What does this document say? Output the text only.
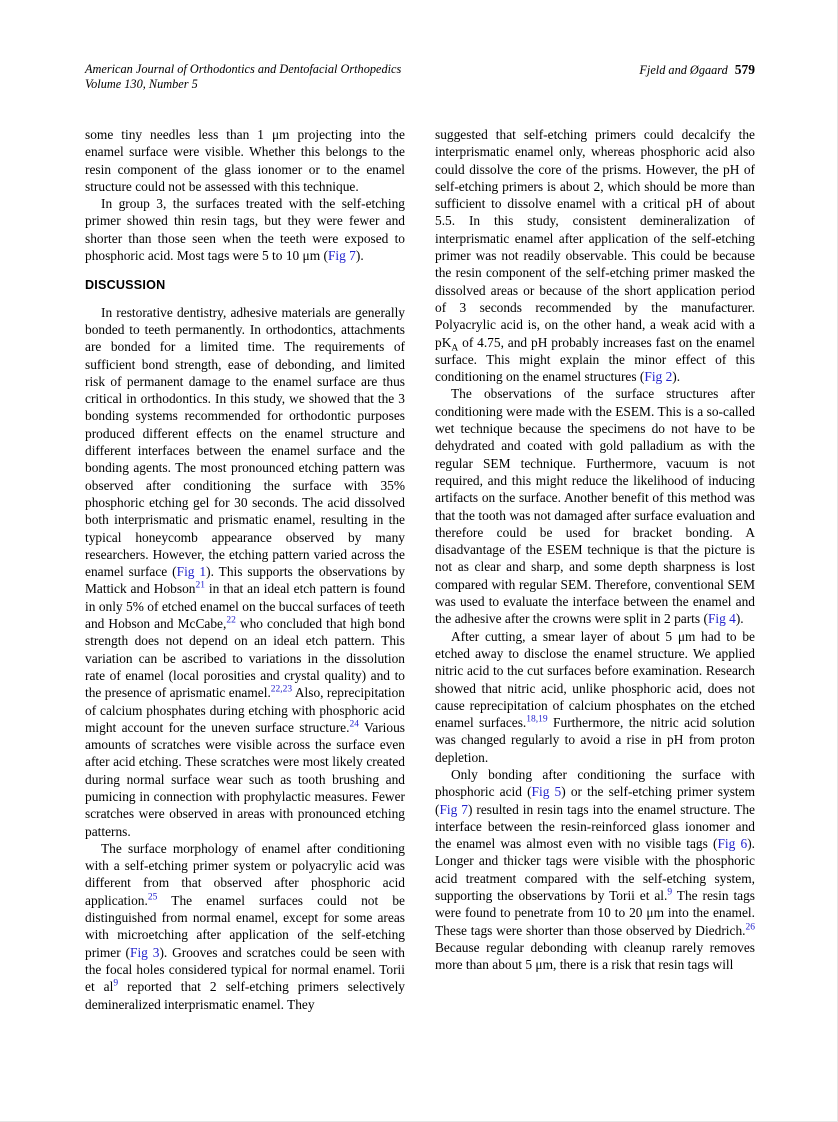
American Journal of Orthodontics and Dentofacial Orthopedics
Volume 130, Number 5
Fjeld and Øgaard 579

some tiny needles less than 1 μm projecting into the enamel surface were visible. Whether this belongs to the resin component of the glass ionomer or to the enamel structure could not be assessed with this technique.

In group 3, the surfaces treated with the self-etching primer showed thin resin tags, but they were fewer and shorter than those seen when the teeth were exposed to phosphoric acid. Most tags were 5 to 10 μm (Fig 7).

DISCUSSION

In restorative dentistry, adhesive materials are generally bonded to teeth permanently. In orthodontics, attachments are bonded for a limited time. The requirements of sufficient bond strength, ease of debonding, and limited risk of permanent damage to the enamel surface are thus critical in orthodontics. In this study, we showed that the 3 bonding systems recommended for orthodontic purposes produced different effects on the enamel structure and different interfaces between the enamel surface and the bonding agents. The most pronounced etching pattern was observed after conditioning the surface with 35% phosphoric etching gel for 30 seconds. The acid dissolved both interprismatic and prismatic enamel, resulting in the typical honeycomb appearance observed by many researchers. However, the etching pattern varied across the enamel surface (Fig 1). This supports the observations by Mattick and Hobson$^{21}$ in that an ideal etch pattern is found in only 5% of etched enamel on the buccal surfaces of teeth and Hobson and McCabe,$^{22}$ who concluded that high bond strength does not depend on an ideal etch pattern. This variation can be ascribed to variations in the dissolution rate of enamel (local porosities and crystal quality) and to the presence of aprismatic enamel.$^{22,23}$ Also, reprecipitation of calcium phosphates during etching with phosphoric acid might account for the uneven surface structure.$^{24}$ Various amounts of scratches were visible across the surface even after acid etching. These scratches were most likely created during normal surface wear such as tooth brushing and pumicing in connection with prophylactic measures. Fewer scratches were observed in areas with pronounced etching patterns.

The surface morphology of enamel after conditioning with a self-etching primer system or polyacrylic acid was different from that observed after phosphoric acid application.$^{25}$ The enamel surfaces could not be distinguished from normal enamel, except for some areas with microetching after application of the self-etching primer (Fig 3). Grooves and scratches could be seen with the focal holes considered typical for normal enamel. Torii et al$^9$ reported that 2 self-etching primers selectively demineralized interprismatic enamel. They

suggested that self-etching primers could decalcify the interprismatic enamel only, whereas phosphoric acid also could dissolve the core of the prisms. However, the pH of self-etching primers is about 2, which should be more than sufficient to dissolve enamel with a critical pH of about 5.5. In this study, consistent demineralization of interprismatic enamel after application of the self-etching primer was not readily observable. This could be because the resin component of the self-etching primer masked the dissolved areas or because of the short application period of 3 seconds recommended by the manufacturer. Polyacrylic acid is, on the other hand, a weak acid with a $pK_A$ of 4.75, and pH probably increases fast on the enamel surface. This might explain the minor effect of this conditioning on the enamel structures (Fig 2).

The observations of the surface structures after conditioning were made with the ESEM. This is a so-called wet technique because the specimens do not have to be dehydrated and coated with gold palladium as with the regular SEM technique. Furthermore, vacuum is not required, and this might reduce the likelihood of inducing artifacts on the surface. Another benefit of this method was that the tooth was not damaged after surface evaluation and therefore could be used for bracket bonding. A disadvantage of the ESEM technique is that the picture is not as clear and sharp, and some depth sharpness is lost compared with regular SEM. Therefore, conventional SEM was used to evaluate the interface between the enamel and the adhesive after the crowns were split in 2 parts (Fig 4).

After cutting, a smear layer of about 5 μm had to be etched away to disclose the enamel structure. We applied nitric acid to the cut surfaces before examination. Research showed that nitric acid, unlike phosphoric acid, does not cause reprecipitation of calcium phosphates on the etched enamel surfaces.$^{18,19}$ Furthermore, the nitric acid solution was changed regularly to avoid a rise in pH from proton depletion.

Only bonding after conditioning the surface with phosphoric acid (Fig 5) or the self-etching primer system (Fig 7) resulted in resin tags into the enamel structure. The interface between the resin-reinforced glass ionomer and the enamel was almost even with no visible tags (Fig 6). Longer and thicker tags were visible with the phosphoric acid treatment compared with the self-etching system, supporting the observations by Torii et al.$^9$ The resin tags were found to penetrate from 10 to 20 μm into the enamel. These tags were shorter than those observed by Diedrich.$^{26}$ Because regular debonding with cleanup rarely removes more than about 5 μm, there is a risk that resin tags will
